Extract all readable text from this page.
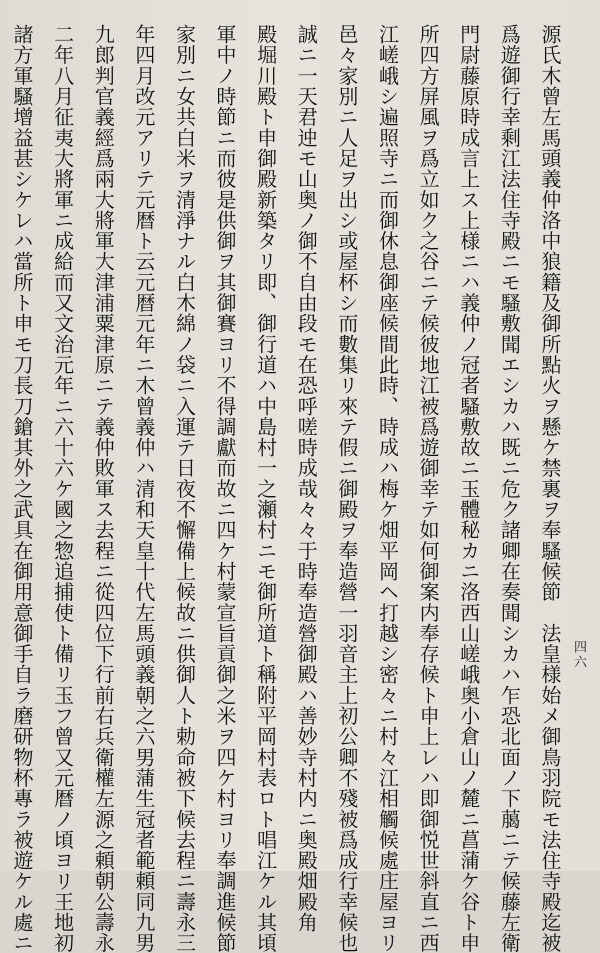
四六
源氏木曾左馬頭義仲洛中狼籍及御所點火ヲ懸ケ禁裏ヲ奉騷候節　法皇様始メ御鳥羽院モ法住寺殿迄被
爲遊御行幸剩江法住寺殿ニモ騷敷聞エシカハ既ニ危ク諸卿在奏聞シカハ乍恐北面ノ下﨟ニテ候藤左衛
門尉藤原時成言上ス上様ニハ義仲ノ冠者騷敷故ニ玉體秘カニ洛西山嵯峨奥小倉山ノ麓ニ菖蒲ケ谷ト申
所四方屏風ヲ爲立如ク之谷ニテ候彼地江被爲遊御幸テ如何御案内奉存候ト申上レハ即御悦世斜直ニ西
江嵯峨シ遍照寺ニ而御休息御座候間此時、時成ハ梅ケ畑平岡ヘ打越シ密々ニ村々江相觸候處庄屋ヨリ
邑々家別ニ人足ヲ出シ或屋杯シ而數集リ來テ假ニ御殿ヲ奉造營一羽音主上初公卿不殘被爲成行幸候也
誠ニ一天君迚モ山奥ノ御不自由段モ在恐呼嗟時成哉々々于時奉造營御殿ハ善妙寺村内ニ奥殿畑殿角
殿堀川殿ト申御殿新築タリ即、御行道ハ中島村一之瀬村ニモ御所道ト稱附平岡村表ロト唱江ケル其頃
軍中ノ時節ニ而彼是供御ヲ其御賽ヨリ不得調獻而故ニ四ケ村蒙宣旨貢御之米ヲ四ケ村ヨリ奉調進候節
家別ニ女共白米ヲ清淨ナル白木綿ノ袋ニ入運テ日夜不懈備上候故ニ供御人ト勅命被下候去程ニ壽永三
年四月改元アリテ元暦ト云元暦元年ニ木曾義仲ハ清和天皇十代左馬頭義朝之六男蒲生冠者範頼同九男
九郎判官義經爲兩大將軍大津浦粟津原ニテ義仲敗軍ス去程ニ從四位下行前右兵衛權左源之頼朝公壽永
二年八月征夷大將軍ニ成給而又文治元年ニ六十六ケ國之惣追捕使ト備リ玉フ曾又元暦ノ頃ヨリ王地初
諸方軍騷增益甚シケレハ當所ト申モ刀長刀鎗其外之武具在御用意御手自ラ磨研物杯專ラ被遊ケル處ニ
